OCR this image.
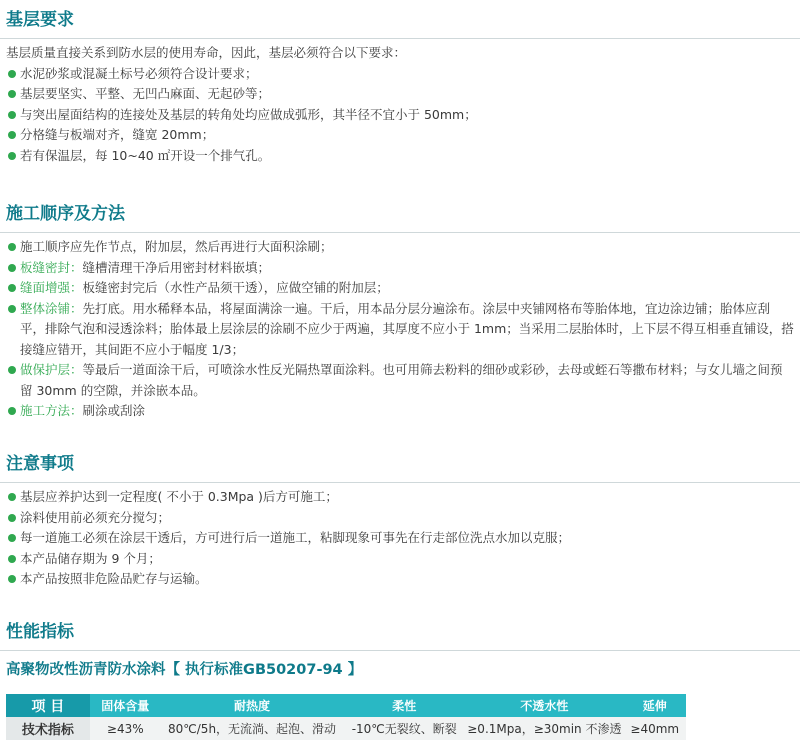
基层要求
基层质量直接关系到防水层的使用寿命，因此，基层必须符合以下要求：
水泥砂浆或混凝土标号必须符合设计要求；
基层要坚实、平整、无凹凸麻面、无起砂等；
与突出屋面结构的连接处及基层的转角处均应做成弧形，其半径不宜小于 50mm；
分格缝与板端对齐，缝宽 20mm；
若有保温层，每 10~40 ㎡开设一个排气孔。
施工顺序及方法
施工顺序应先作节点，附加层，然后再进行大面积涂刷；
板缝密封：缝槽清理干净后用密封材料嵌填；
缝面增强：板缝密封完后（水性产品须干透），应做空铺的附加层；
整体涂铺：先打底。用水稀释本品，将屋面满涂一遍。干后，用本品分层分遍涂布。涂层中夹铺网格布等胎体地，宜边涂边铺；胎体应刮平，排除气泡和浸透涂料；胎体最上层涂层的涂刷不应少于两遍，其厚度不应小于 1mm；当采用二层胎体时，上下层不得互相垂直铺设，搭接缝应错开，其间距不应小于幅度 1/3；
做保护层：等最后一道面涂干后，可喷涂水性反光隔热罩面涂料。也可用筛去粉料的细砂或彩砂，去母或蛭石等撒布材料；与女儿墙之间预留 30mm 的空隙，并涂嵌本品。
施工方法：刷涂或刮涂
注意事项
基层应养护达到一定程度( 不小于 0.3Mpa )后方可施工；
涂料使用前必须充分搅匀；
每一道施工必须在涂层干透后，方可进行后一道施工，粘脚现象可事先在行走部位洗点水加以克服；
本产品储存期为 9 个月；
本产品按照非危险品贮存与运输。
性能指标
高聚物改性沥青防水涂料【 执行标准GB50207-94 】
项 目	固体含量	耐热度	柔性	不透水性	延伸
技术指标	≥43%	80℃/5h，无流淌、起泡、滑动	-10℃无裂纹、断裂	≥0.1Mpa，≥30min 不渗透	≥40mm
